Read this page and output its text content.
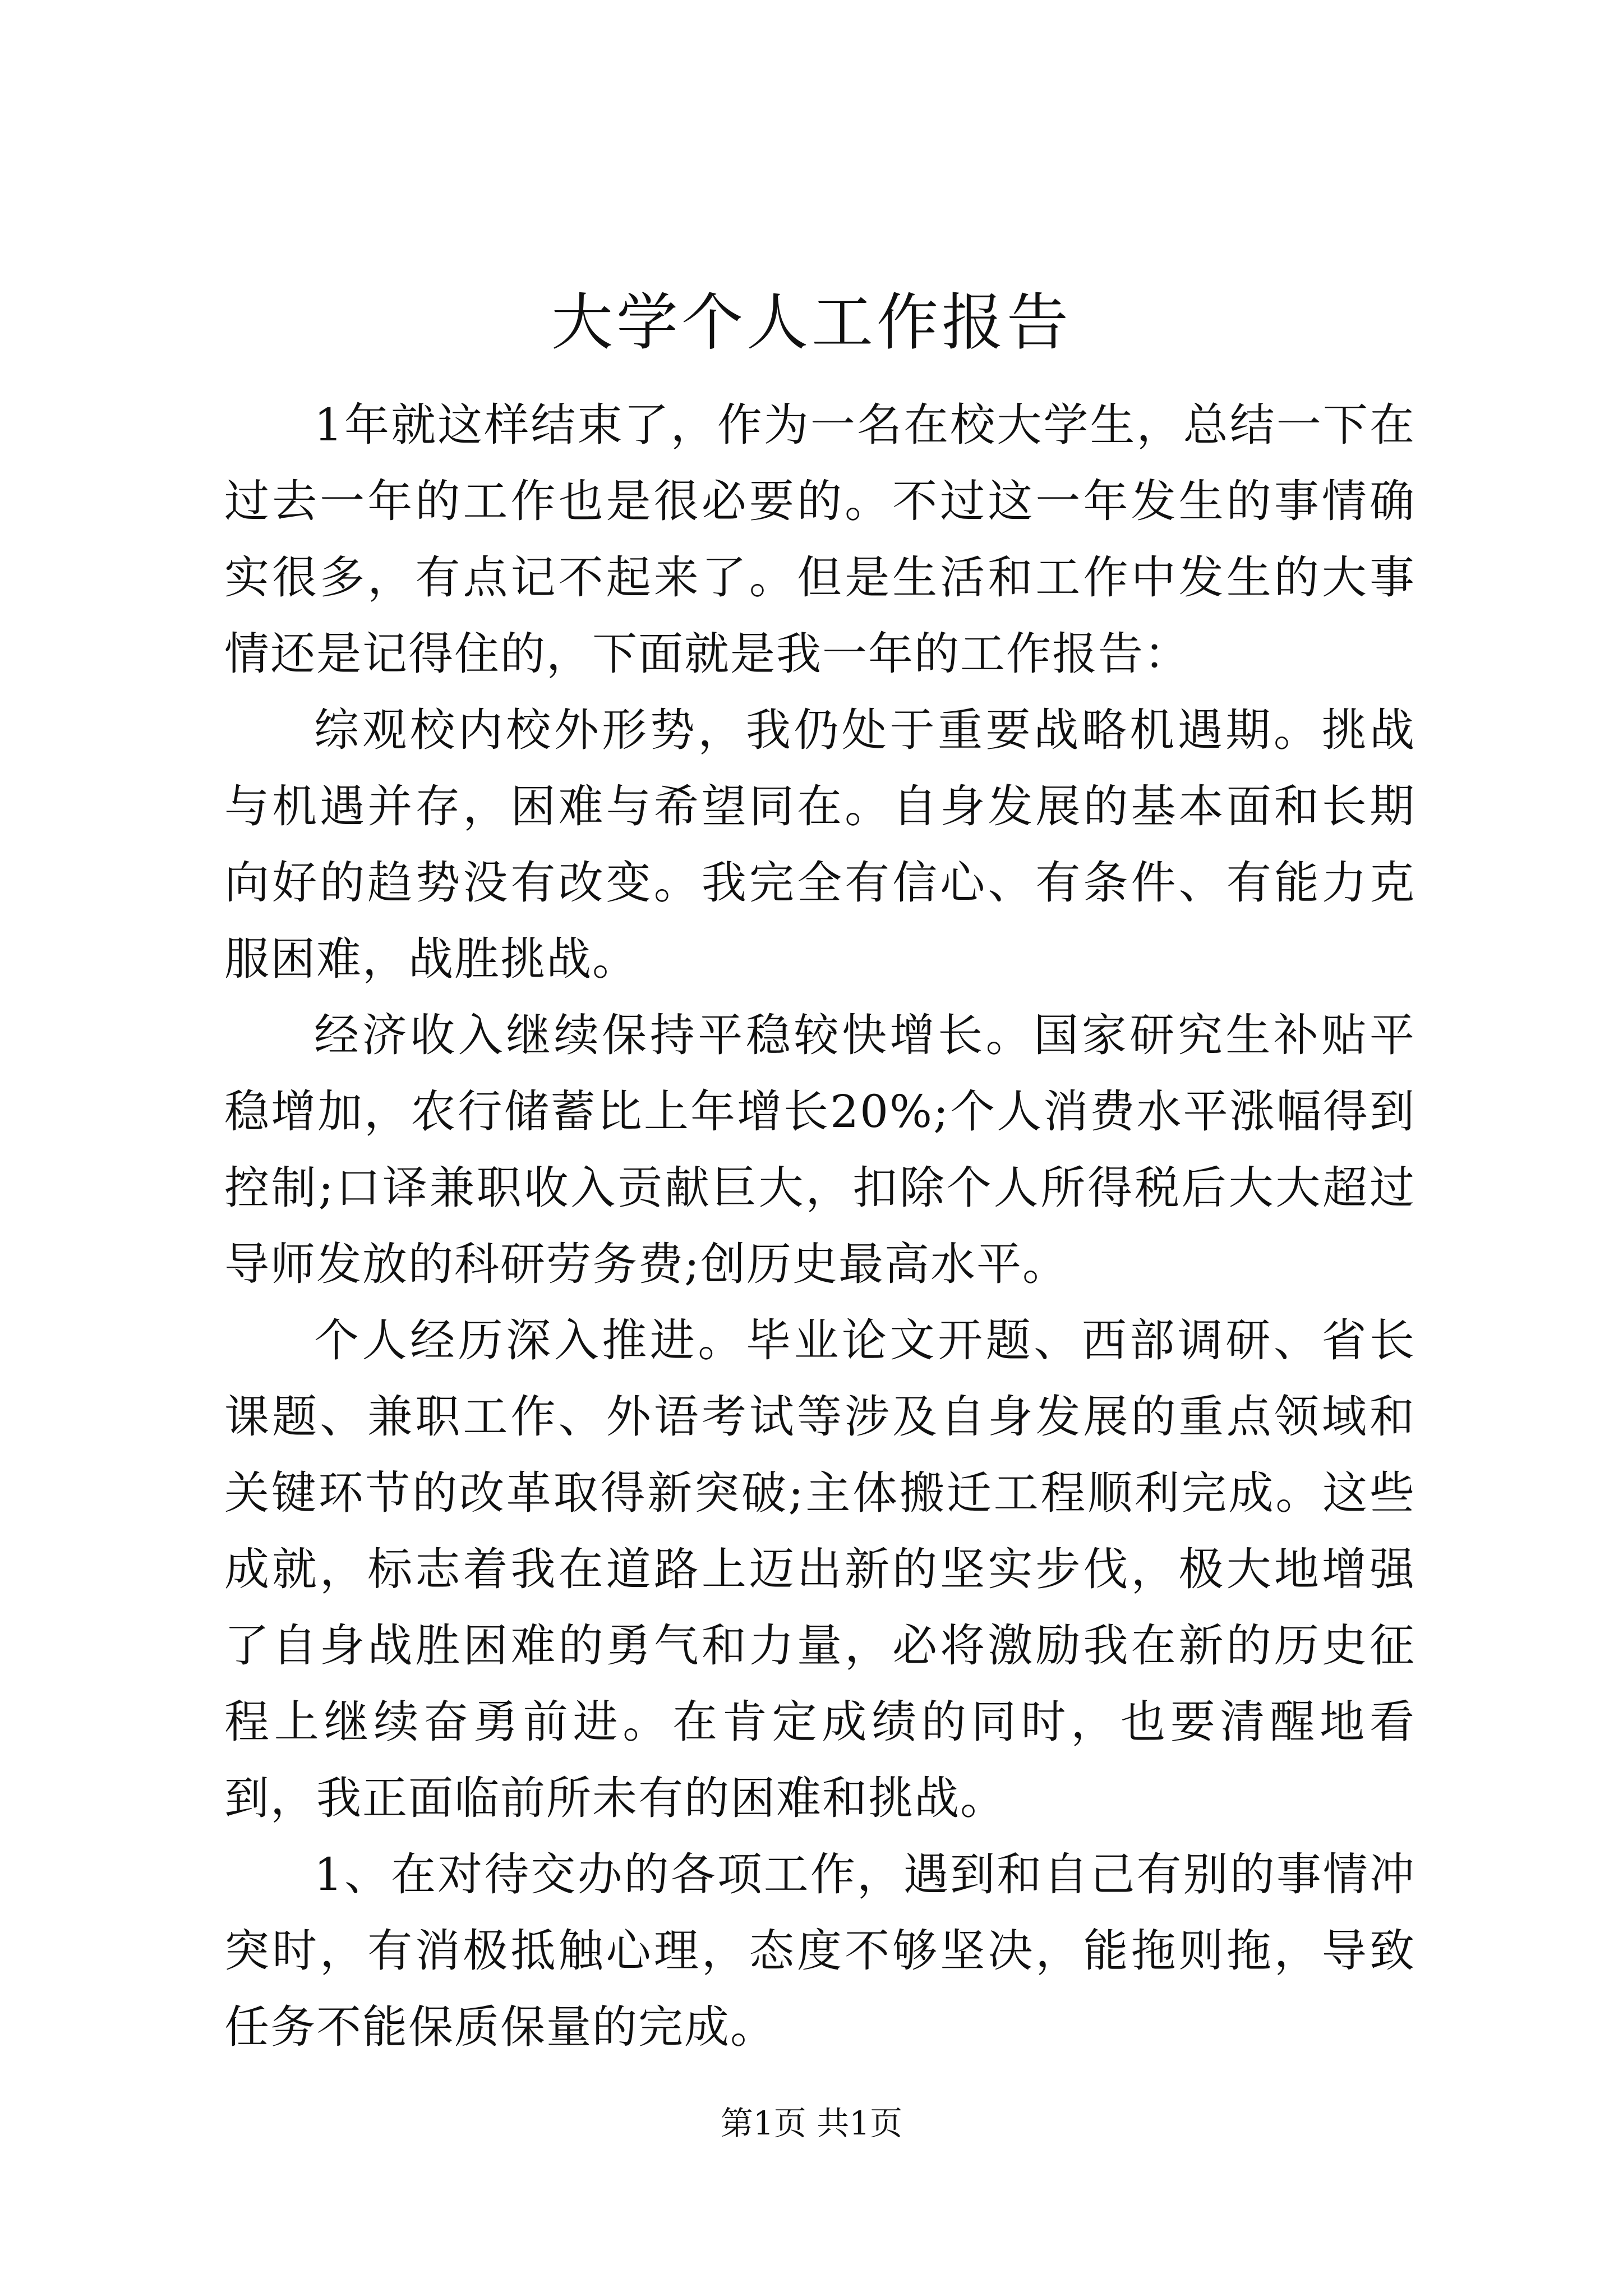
大学个人工作报告

1年就这样结束了，作为一名在校大学生，总结一下在过去一年的工作也是很必要的。不过这一年发生的事情确实很多，有点记不起来了。但是生活和工作中发生的大事情还是记得住的，下面就是我一年的工作报告：

综观校内校外形势，我仍处于重要战略机遇期。挑战与机遇并存，困难与希望同在。自身发展的基本面和长期向好的趋势没有改变。我完全有信心、有条件、有能力克服困难，战胜挑战。

经济收入继续保持平稳较快增长。国家研究生补贴平稳增加，农行储蓄比上年增长20%;个人消费水平涨幅得到控制;口译兼职收入贡献巨大，扣除个人所得税后大大超过导师发放的科研劳务费;创历史最高水平。

个人经历深入推进。毕业论文开题、西部调研、省长课题、兼职工作、外语考试等涉及自身发展的重点领域和关键环节的改革取得新突破;主体搬迁工程顺利完成。这些成就，标志着我在道路上迈出新的坚实步伐，极大地增强了自身战胜困难的勇气和力量，必将激励我在新的历史征程上继续奋勇前进。在肯定成绩的同时，也要清醒地看到，我正面临前所未有的困难和挑战。

1、在对待交办的各项工作，遇到和自己有别的事情冲突时，有消极抵触心理，态度不够坚决，能拖则拖，导致任务不能保质保量的完成。

第1页 共1页
